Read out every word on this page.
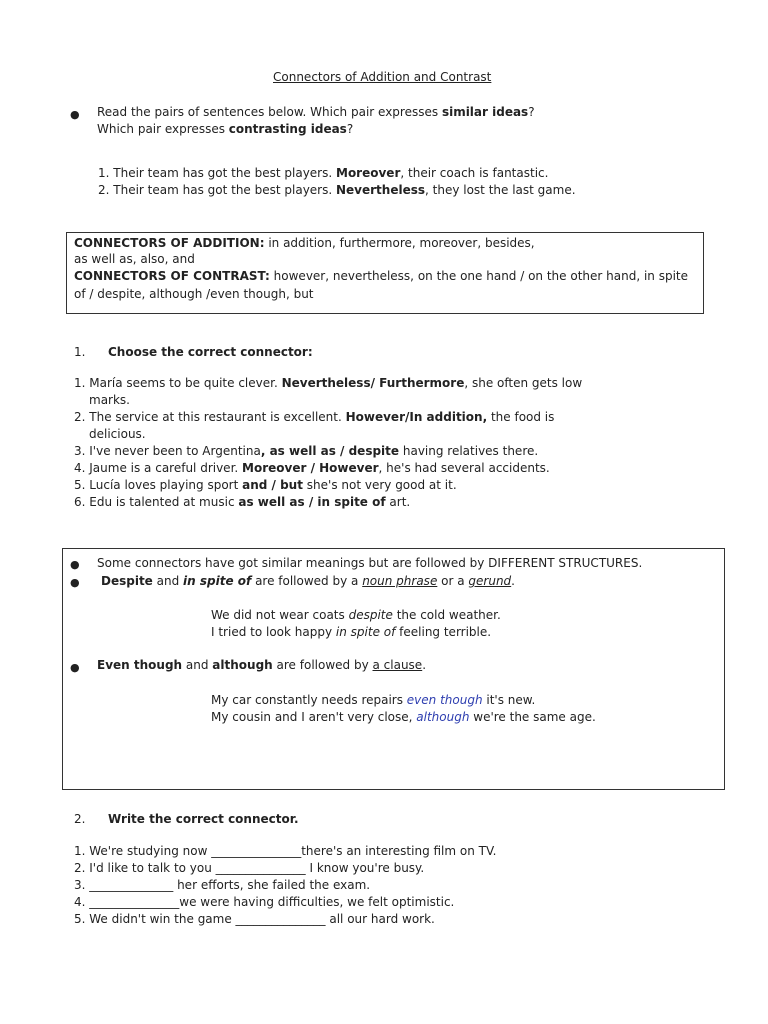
Connectors of Addition and Contrast
● Read the pairs of sentences below. Which pair expresses similar ideas?
Which pair expresses contrasting ideas?
1. Their team has got the best players. Moreover, their coach is fantastic.
2. Their team has got the best players. Nevertheless, they lost the last game.
CONNECTORS OF ADDITION: in addition, furthermore, moreover, besides,
as well as, also, and
CONNECTORS OF CONTRAST: however, nevertheless, on the one hand / on the other hand, in spite
of / despite, although /even though, but
1. Choose the correct connector:
1. María seems to be quite clever. Nevertheless/ Furthermore, she often gets low
marks.
2. The service at this restaurant is excellent. However/In addition, the food is
delicious.
3. I've never been to Argentina, as well as / despite having relatives there.
4. Jaume is a careful driver. Moreover / However, he's had several accidents.
5. Lucía loves playing sport and / but she's not very good at it.
6. Edu is talented at music as well as / in spite of art.
● Some connectors have got similar meanings but are followed by DIFFERENT STRUCTURES.
● Despite and in spite of are followed by a noun phrase or a gerund.
We did not wear coats despite the cold weather.
I tried to look happy in spite of feeling terrible.
● Even though and although are followed by a clause.
My car constantly needs repairs even though it's new.
My cousin and I aren't very close, although we're the same age.
2. Write the correct connector.
1. We're studying now _______________there's an interesting film on TV.
2. I'd like to talk to you _______________ I know you're busy.
3. ______________ her efforts, she failed the exam.
4. _______________we were having difficulties, we felt optimistic.
5. We didn't win the game _______________ all our hard work.
